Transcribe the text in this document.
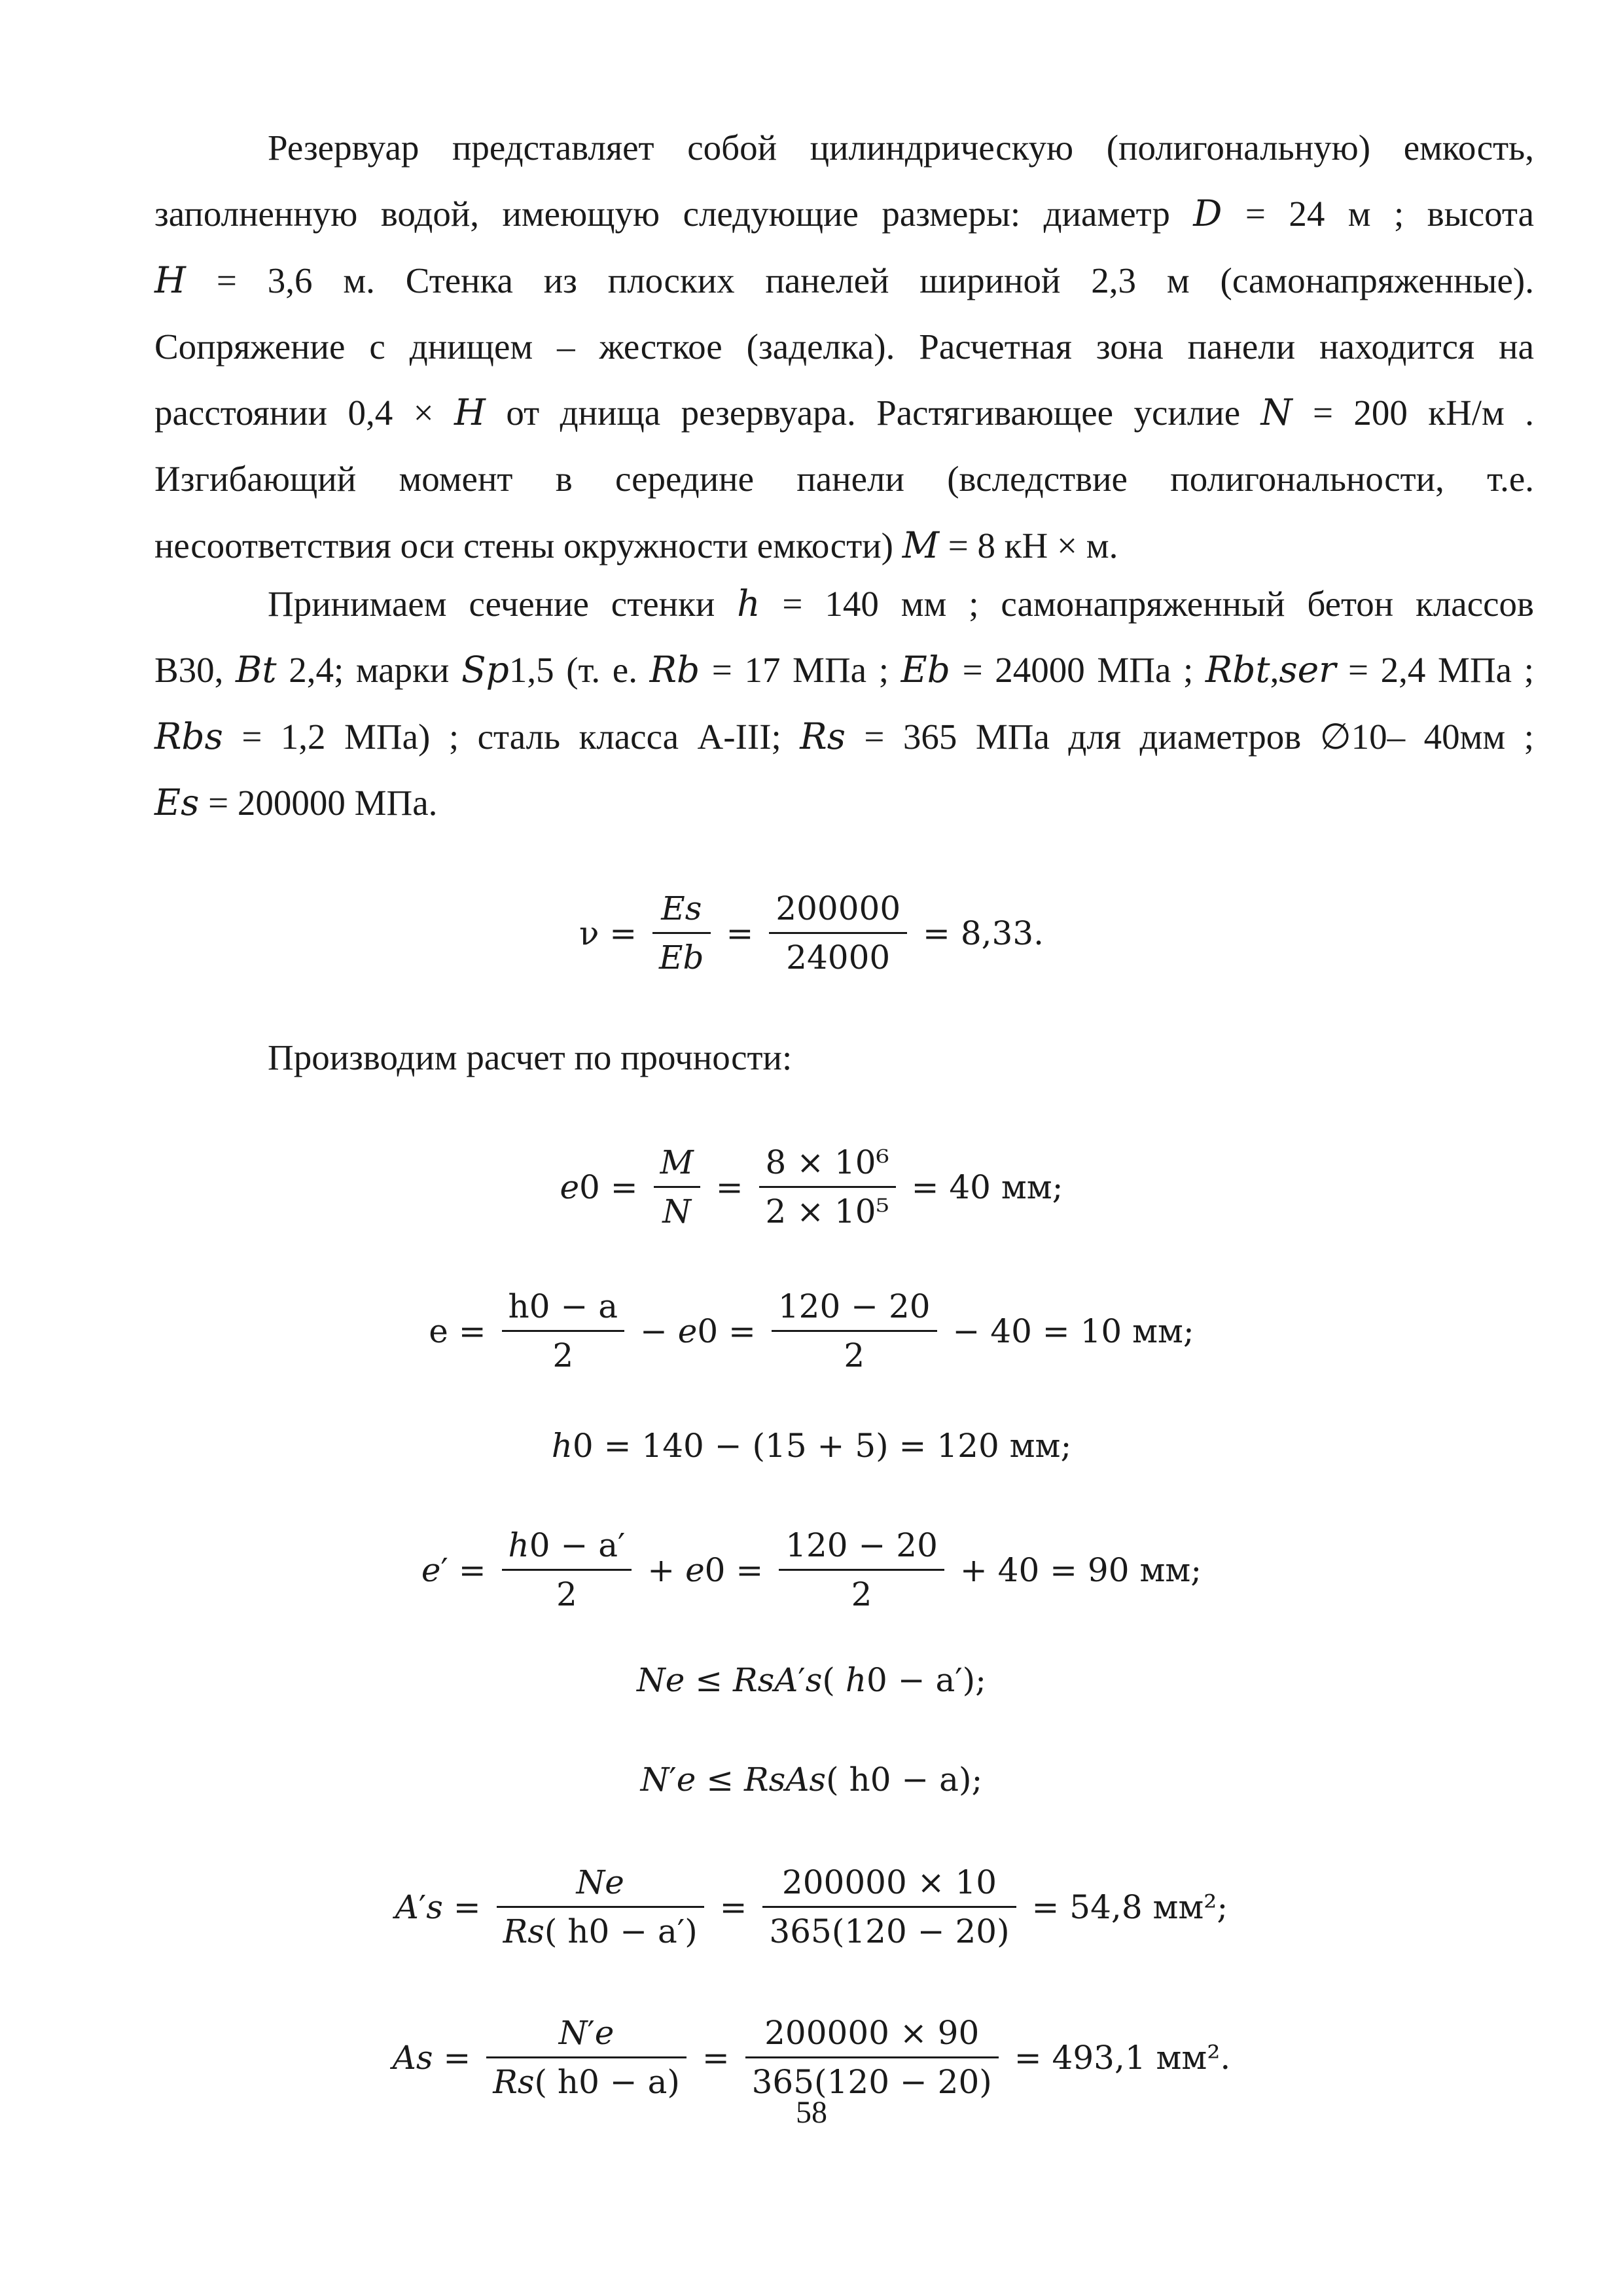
Резервуар представляет собой цилиндрическую (полигональную) емкость,
заполненную водой, имеющую следующие размеры: диаметр 𝐷 = 24 м ; высота
𝐻 = 3,6 м. Стенка из плоских панелей шириной 2,3 м (самонапряженные).
Сопряжение с днищем – жесткое (заделка). Расчетная зона панели находится на
расстоянии 0,4 × 𝐻 от днища резервуара. Растягивающее усилие 𝑁 = 200 кН/м .
Изгибающий момент в середине панели (вследствие полигональности, т.е.
несоответствия оси стены окружности емкости) 𝑀 = 8 кН × м.
Принимаем сечение стенки ℎ = 140 мм ; самонапряженный бетон классов
В30, 𝐵𝑡 2,4; марки 𝑆𝑝1,5 (т. е. 𝑅𝑏 = 17 МПа ; 𝐸𝑏 = 24000 МПа ; 𝑅𝑏𝑡,𝑠𝑒𝑟 = 2,4 МПа ;
𝑅𝑏𝑠 = 1,2 МПа) ; сталь класса А-III; 𝑅𝑠 = 365 МПа для диаметров ∅10– 40мм ;
𝐸𝑠 = 200000 МПа.
$\nu = \frac{\text{𝐸𝑠}}{\text{𝐸𝑏}} = \frac{200000}{24000} = 8,33$.
Производим расчет по прочности:
𝑒0 = $\frac{\text{𝑀}}{\text{𝑁}} = \frac{\text{8 × 10⁶}}{\text{2 × 10⁵}} = 40$ мм;
$e = \frac{h0 - a}{2}$ − 𝑒0 = $\frac{120 - 20}{2} - 40 = 10$ мм;
ℎ0 = 140 − (15 + 5) = 120 мм;
𝑒′ = $\frac{\text{ℎ0 − a′}}{2}$ + 𝑒0 = $\frac{120 - 20}{2} + 40 = 90$ мм;
𝑁𝑒 ≤ 𝑅𝑠𝐴′𝑠( ℎ0 − a′);
𝑁′𝑒 ≤ 𝑅𝑠𝐴𝑠( h0 − a);
𝐴′𝑠 = $\frac{\text{𝑁𝑒}}{\text{𝑅𝑠( h0 − a′)}} = \frac{200000 \times 10}{365(120 - 20)} = 54,8$ мм²;
𝐴𝑠 = $\frac{\text{𝑁′𝑒}}{\text{𝑅𝑠( h0 − a)}} = \frac{200000 \times 90}{365(120 - 20)} = 493,1$ мм².
58
